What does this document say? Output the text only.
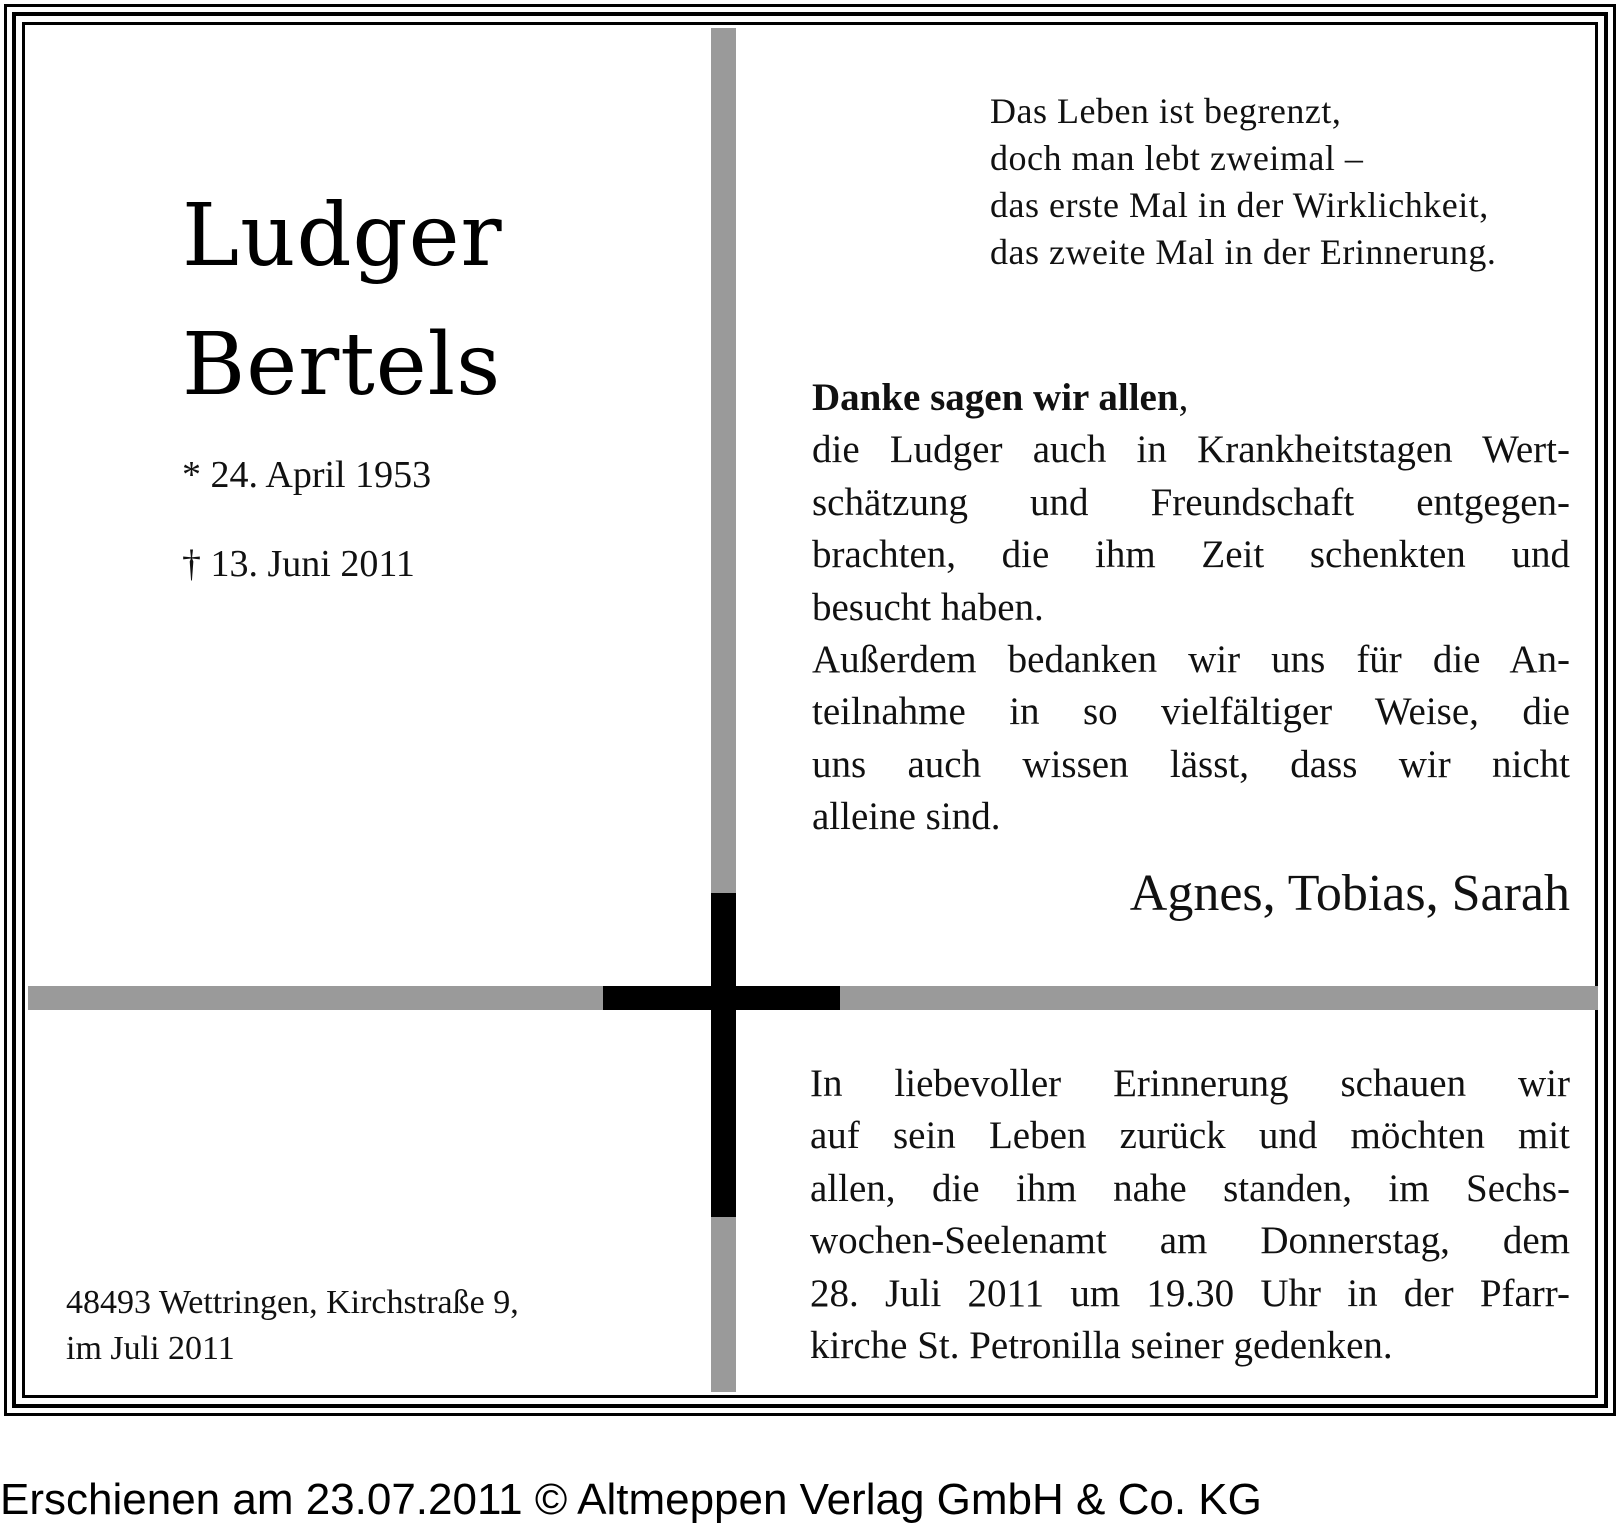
Ludger
Bertels
* 24. April 1953
† 13. Juni 2011
Das Leben ist begrenzt,
doch man lebt zweimal –
das erste Mal in der Wirklichkeit,
das zweite Mal in der Erinnerung.
Danke sagen wir allen,
die Ludger auch in Krankheitstagen Wert-
schätzung und Freundschaft entgegen-
brachten, die ihm Zeit schenkten und
besucht haben.
Außerdem bedanken wir uns für die An-
teilnahme in so vielfältiger Weise, die
uns auch wissen lässt, dass wir nicht
alleine sind.
Agnes, Tobias, Sarah
In liebevoller Erinnerung schauen wir
auf sein Leben zurück und möchten mit
allen, die ihm nahe standen, im Sechs-
wochen-Seelenamt am Donnerstag, dem
28. Juli 2011 um 19.30 Uhr in der Pfarr-
kirche St. Petronilla seiner gedenken.
48493 Wettringen, Kirchstraße 9,
im Juli 2011
Erschienen am 23.07.2011 © Altmeppen Verlag GmbH & Co. KG
